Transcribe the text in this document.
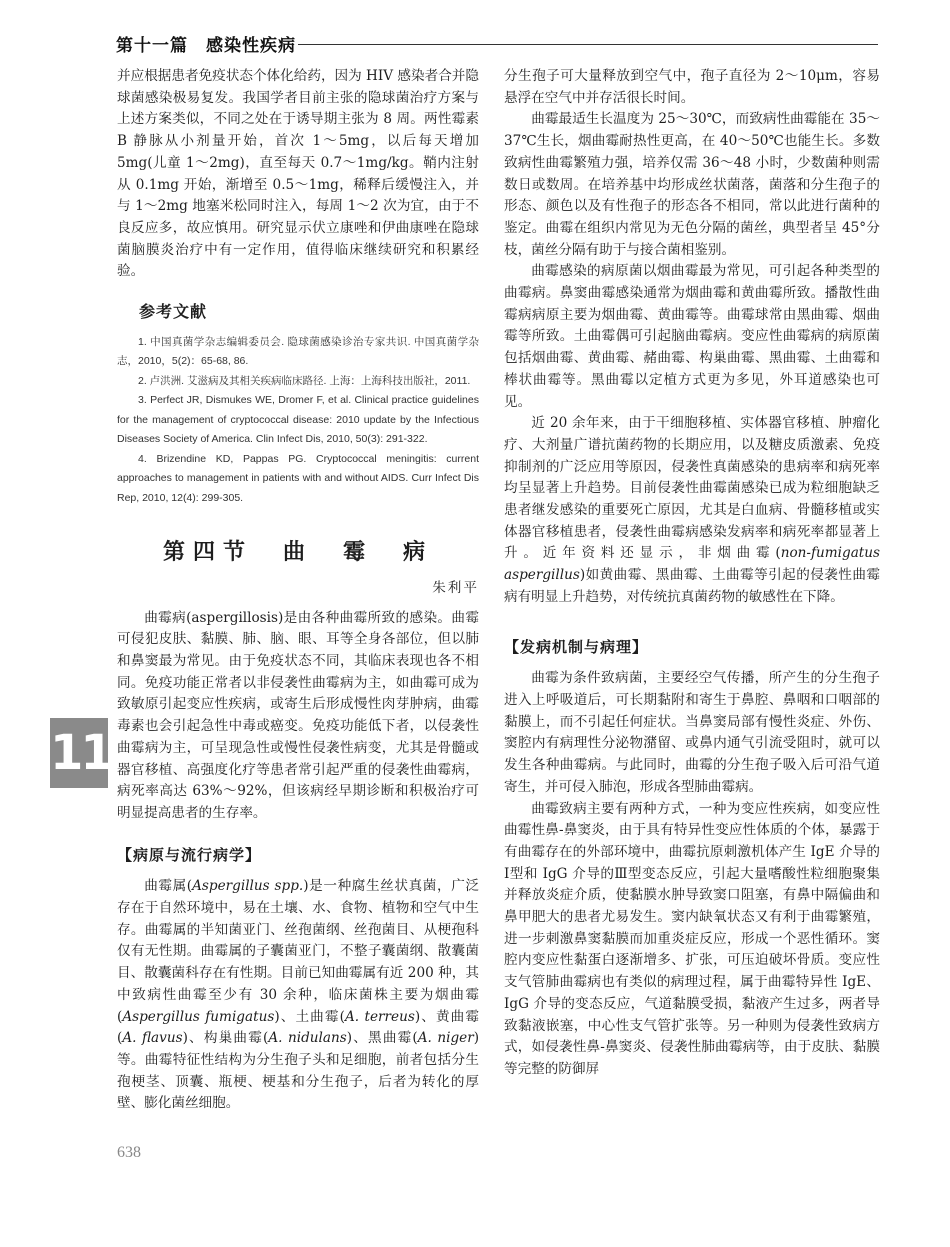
第十一篇　感染性疾病

并应根据患者免疫状态个体化给药，因为 HIV 感染者合并隐球菌感染极易复发。我国学者目前主张的隐球菌治疗方案与上述方案类似，不同之处在于诱导期主张为 8 周。两性霉素 B 静脉从小剂量开始，首次 1～5mg，以后每天增加 5mg(儿童 1～2mg)，直至每天 0.7～1mg/kg。鞘内注射从 0.1mg 开始，渐增至 0.5～1mg，稀释后缓慢注入，并与 1～2mg 地塞米松同时注入，每周 1～2 次为宜，由于不良反应多，故应慎用。研究显示伏立康唑和伊曲康唑在隐球菌脑膜炎治疗中有一定作用，值得临床继续研究和积累经验。

参考文献
1. 中国真菌学杂志编辑委员会. 隐球菌感染诊治专家共识. 中国真菌学杂志，2010，5(2)：65-68, 86.
2. 卢洪洲. 艾滋病及其相关疾病临床路径. 上海：上海科技出版社，2011.
3. Perfect JR, Dismukes WE, Dromer F, et al. Clinical practice guidelines for the management of cryptococcal disease: 2010 update by the Infectious Diseases Society of America. Clin Infect Dis, 2010, 50(3): 291-322.
4. Brizendine KD, Pappas PG. Cryptococcal meningitis: current approaches to management in patients with and without AIDS. Curr Infect Dis Rep, 2010, 12(4): 299-305.
第四节　曲　霉　病
朱利平

曲霉病(aspergillosis)是由各种曲霉所致的感染。曲霉可侵犯皮肤、黏膜、肺、脑、眼、耳等全身各部位，但以肺和鼻窦最为常见。由于免疫状态不同，其临床表现也各不相同。免疫功能正常者以非侵袭性曲霉病为主，如曲霉可成为致敏原引起变应性疾病，或寄生后形成慢性肉芽肿病，曲霉毒素也会引起急性中毒或癌变。免疫功能低下者，以侵袭性曲霉病为主，可呈现急性或慢性侵袭性病变，尤其是骨髓或器官移植、高强度化疗等患者常引起严重的侵袭性曲霉病，病死率高达 63%～92%，但该病经早期诊断和积极治疗可明显提高患者的生存率。

【病原与流行病学】

曲霉属(Aspergillus spp.)是一种腐生丝状真菌，广泛存在于自然环境中，易在土壤、水、食物、植物和空气中生存。曲霉属的半知菌亚门、丝孢菌纲、丝孢菌目、从梗孢科仅有无性期。曲霉属的子囊菌亚门，不整子囊菌纲、散囊菌目、散囊菌科存在有性期。目前已知曲霉属有近 200 种，其中致病性曲霉至少有 30 余种，临床菌株主要为烟曲霉(Aspergillus fumigatus)、土曲霉(A. terreus)、黄曲霉(A. flavus)、构巢曲霉(A. nidulans)、黑曲霉(A. niger)等。曲霉特征性结构为分生孢子头和足细胞，前者包括分生孢梗茎、顶囊、瓶梗、梗基和分生孢子，后者为转化的厚壁、膨化菌丝细胞。

分生孢子可大量释放到空气中，孢子直径为 2～10μm，容易悬浮在空气中并存活很长时间。

曲霉最适生长温度为 25～30℃，而致病性曲霉能在 35～37℃生长，烟曲霉耐热性更高，在 40～50℃也能生长。多数致病性曲霉繁殖力强，培养仅需 36～48 小时，少数菌种则需数日或数周。在培养基中均形成丝状菌落，菌落和分生孢子的形态、颜色以及有性孢子的形态各不相同，常以此进行菌种的鉴定。曲霉在组织内常见为无色分隔的菌丝，典型者呈 45°分枝，菌丝分隔有助于与接合菌相鉴别。

曲霉感染的病原菌以烟曲霉最为常见，可引起各种类型的曲霉病。鼻窦曲霉感染通常为烟曲霉和黄曲霉所致。播散性曲霉病病原主要为烟曲霉、黄曲霉等。曲霉球常由黑曲霉、烟曲霉等所致。土曲霉偶可引起脑曲霉病。变应性曲霉病的病原菌包括烟曲霉、黄曲霉、赭曲霉、构巢曲霉、黑曲霉、土曲霉和棒状曲霉等。黑曲霉以定植方式更为多见，外耳道感染也可见。

近 20 余年来，由于干细胞移植、实体器官移植、肿瘤化疗、大剂量广谱抗菌药物的长期应用，以及糖皮质激素、免疫抑制剂的广泛应用等原因，侵袭性真菌感染的患病率和病死率均呈显著上升趋势。目前侵袭性曲霉菌感染已成为粒细胞缺乏患者继发感染的重要死亡原因，尤其是白血病、骨髓移植或实体器官移植患者，侵袭性曲霉病感染发病率和病死率都显著上升。近年资料还显示，非烟曲霉(non-fumigatus aspergillus)如黄曲霉、黑曲霉、土曲霉等引起的侵袭性曲霉病有明显上升趋势，对传统抗真菌药物的敏感性在下降。

【发病机制与病理】

曲霉为条件致病菌，主要经空气传播，所产生的分生孢子进入上呼吸道后，可长期黏附和寄生于鼻腔、鼻咽和口咽部的黏膜上，而不引起任何症状。当鼻窦局部有慢性炎症、外伤、窦腔内有病理性分泌物潴留、或鼻内通气引流受阻时，就可以发生各种曲霉病。与此同时，曲霉的分生孢子吸入后可沿气道寄生，并可侵入肺泡，形成各型肺曲霉病。

曲霉致病主要有两种方式，一种为变应性疾病，如变应性曲霉性鼻-鼻窦炎，由于具有特异性变应性体质的个体，暴露于有曲霉存在的外部环境中，曲霉抗原刺激机体产生 IgE 介导的Ⅰ型和 IgG 介导的Ⅲ型变态反应，引起大量嗜酸性粒细胞聚集并释放炎症介质，使黏膜水肿导致窦口阻塞，有鼻中隔偏曲和鼻甲肥大的患者尤易发生。窦内缺氧状态又有利于曲霉繁殖，进一步刺激鼻窦黏膜而加重炎症反应，形成一个恶性循环。窦腔内变应性黏蛋白逐渐增多、扩张，可压迫破坏骨质。变应性支气管肺曲霉病也有类似的病理过程，属于曲霉特异性 IgE、IgG 介导的变态反应，气道黏膜受损，黏液产生过多，两者导致黏液嵌塞，中心性支气管扩张等。另一种则为侵袭性致病方式，如侵袭性鼻-鼻窦炎、侵袭性肺曲霉病等，由于皮肤、黏膜等完整的防御屏

11
638
